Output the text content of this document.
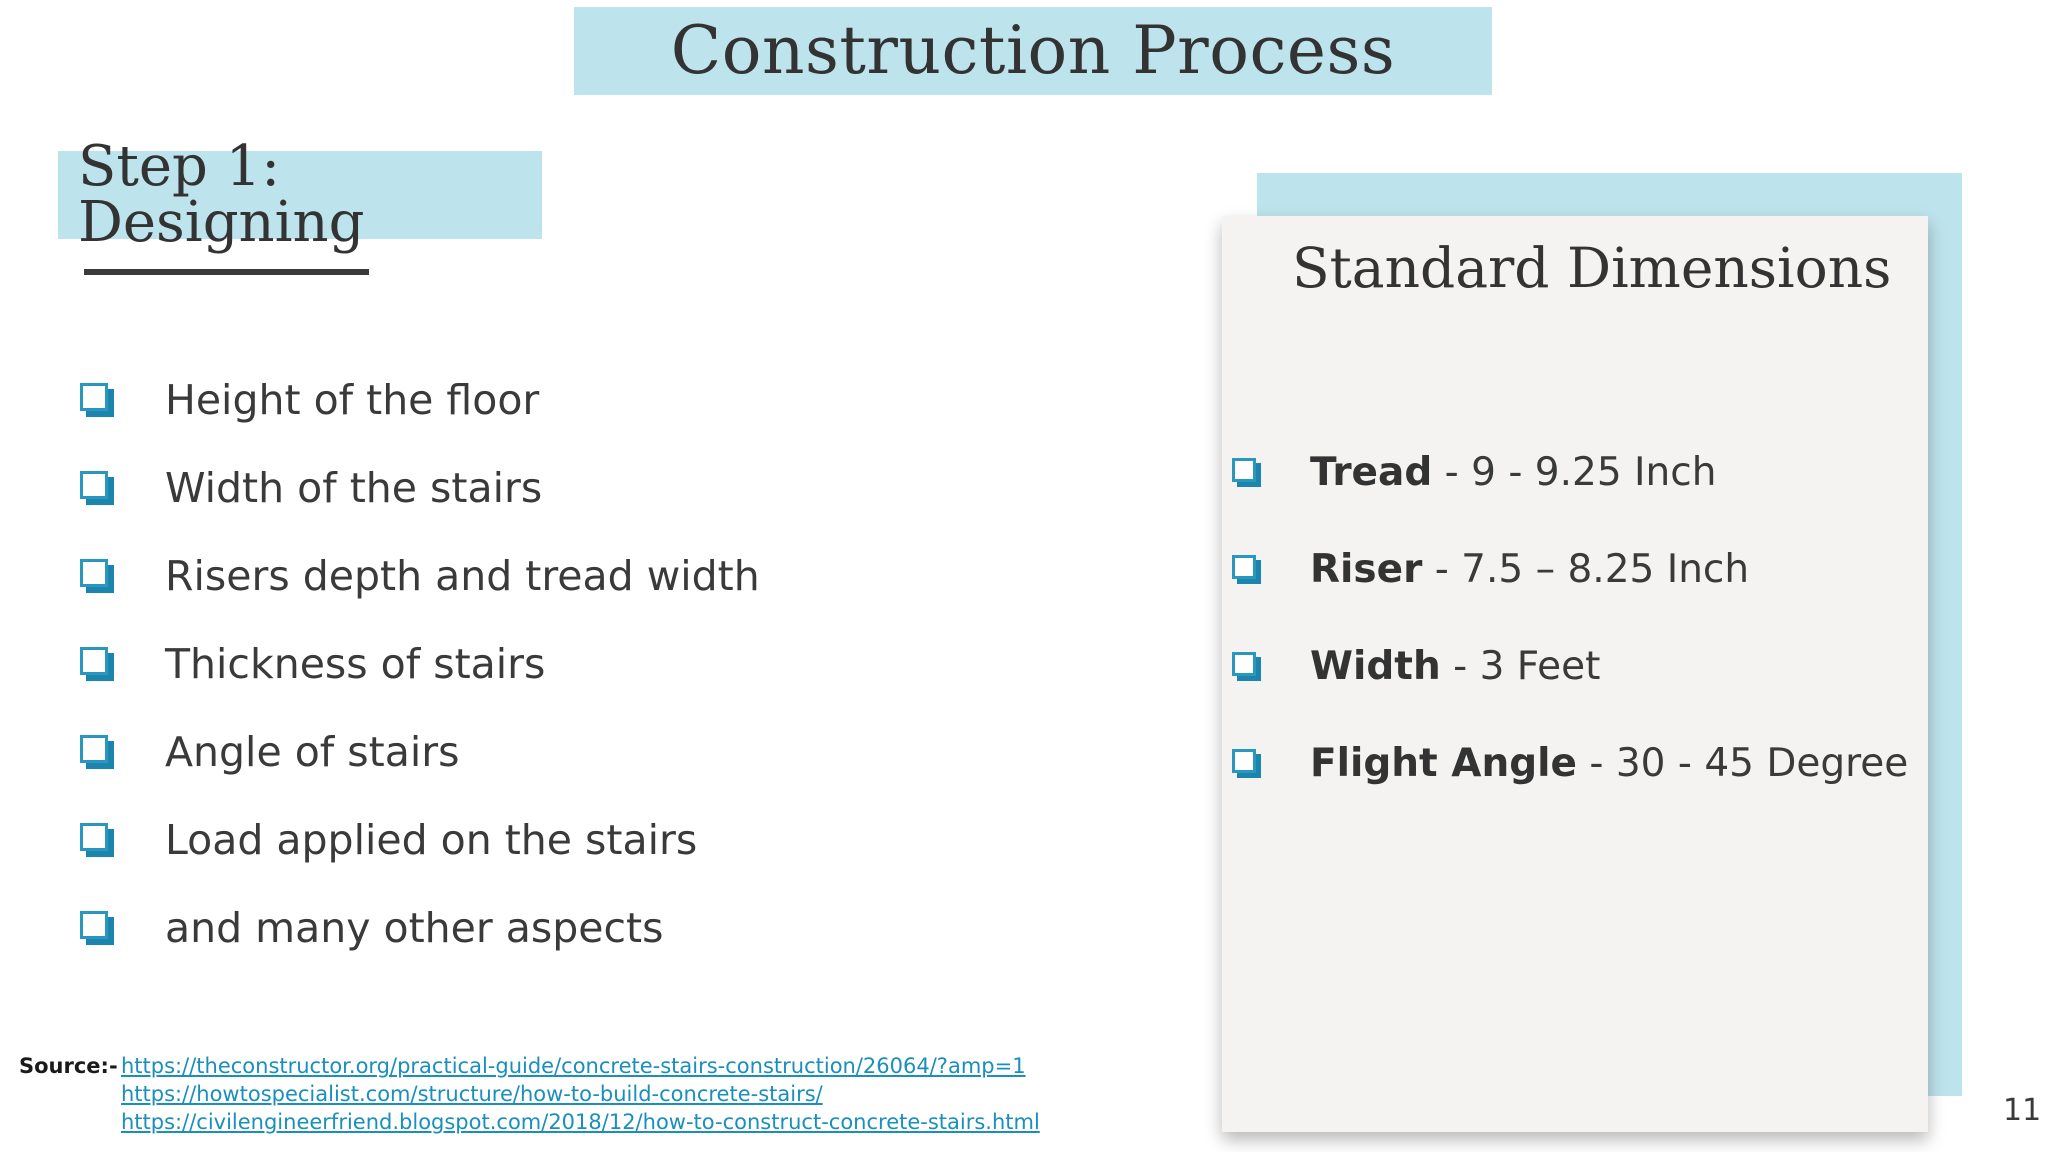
Construction Process
Step 1: Designing
Height of the floor
Width of the stairs
Risers depth and tread width
Thickness of stairs
Angle of stairs
Load applied on the stairs
and many other aspects
Standard Dimensions
Tread - 9 - 9.25 Inch
Riser - 7.5 – 8.25 Inch
Width - 3 Feet
Flight Angle - 30 - 45 Degree
Source:- https://theconstructor.org/practical-guide/concrete-stairs-construction/26064/?amp=1
https://howtospecialist.com/structure/how-to-build-concrete-stairs/
https://civilengineerfriend.blogspot.com/2018/12/how-to-construct-concrete-stairs.html	11
